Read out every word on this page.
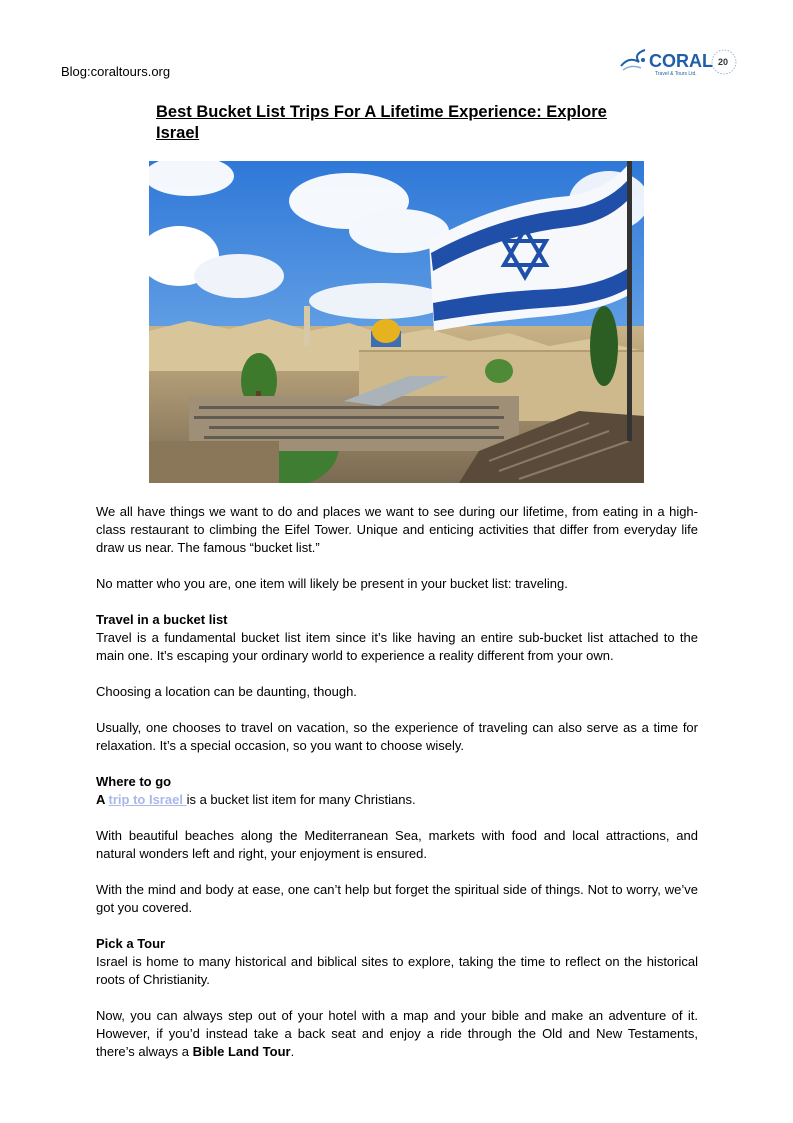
Blog:coraltours.org
CORAL
Travel & Tours Ltd.
20
Best Bucket List Trips For A Lifetime Experience: Explore Israel

We all have things we want to do and places we want to see during our lifetime, from eating in a high-class restaurant to climbing the Eifel Tower. Unique and enticing activities that differ from everyday life draw us near. The famous “bucket list.”

No matter who you are, one item will likely be present in your bucket list: traveling.

Travel in a bucket list

Travel is a fundamental bucket list item since it’s like having an entire sub-bucket list attached to the main one. It’s escaping your ordinary world to experience a reality different from your own.

Choosing a location can be daunting, though.

Usually, one chooses to travel on vacation, so the experience of traveling can also serve as a time for relaxation. It’s a special occasion, so you want to choose wisely.

Where to go

A trip to Israel is a bucket list item for many Christians.

With beautiful beaches along the Mediterranean Sea, markets with food and local attractions, and natural wonders left and right, your enjoyment is ensured.

With the mind and body at ease, one can’t help but forget the spiritual side of things. Not to worry, we’ve got you covered.

Pick a Tour

Israel is home to many historical and biblical sites to explore, taking the time to reflect on the historical roots of Christianity.

Now, you can always step out of your hotel with a map and your bible and make an adventure of it. However, if you’d instead take a back seat and enjoy a ride through the Old and New Testaments, there’s always a Bible Land Tour.
